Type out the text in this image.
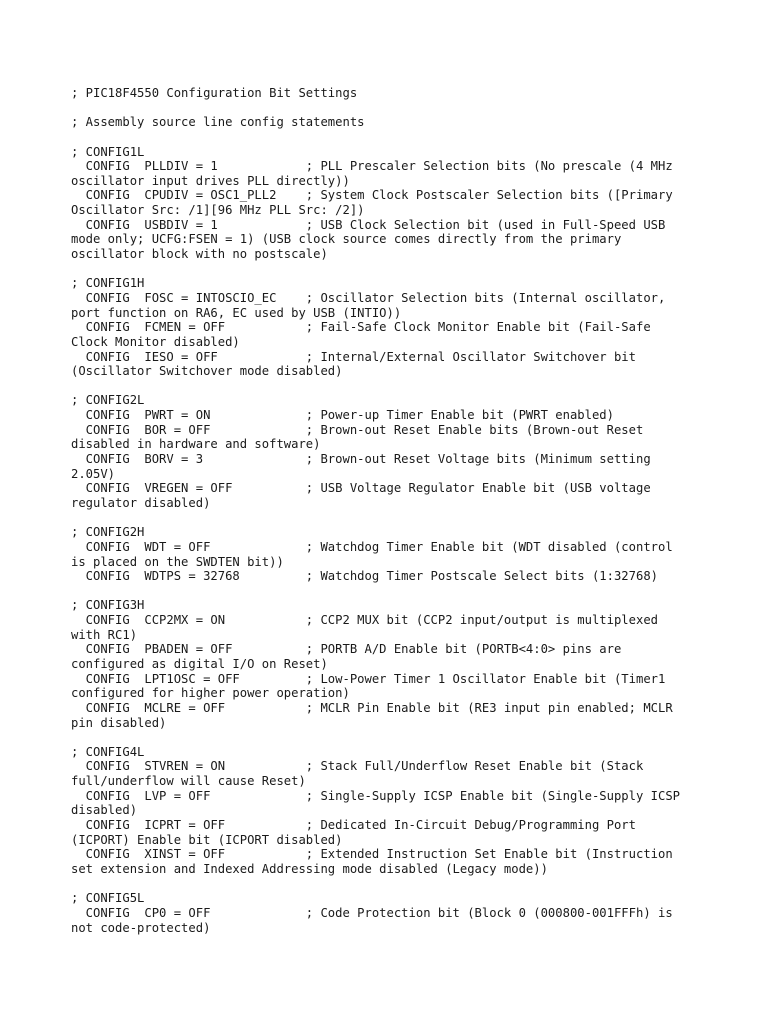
; PIC18F4550 Configuration Bit Settings
; Assembly source line config statements
; CONFIG1L
CONFIG  PLLDIV = 1            ; PLL Prescaler Selection bits (No prescale (4 MHz
oscillator input drives PLL directly))
CONFIG  CPUDIV = OSC1_PLL2    ; System Clock Postscaler Selection bits ([Primary
Oscillator Src: /1][96 MHz PLL Src: /2])
CONFIG  USBDIV = 1            ; USB Clock Selection bit (used in Full-Speed USB
mode only; UCFG:FSEN = 1) (USB clock source comes directly from the primary
oscillator block with no postscale)
; CONFIG1H
CONFIG  FOSC = INTOSCIO_EC    ; Oscillator Selection bits (Internal oscillator,
port function on RA6, EC used by USB (INTIO))
CONFIG  FCMEN = OFF           ; Fail-Safe Clock Monitor Enable bit (Fail-Safe
Clock Monitor disabled)
CONFIG  IESO = OFF            ; Internal/External Oscillator Switchover bit
(Oscillator Switchover mode disabled)
; CONFIG2L
CONFIG  PWRT = ON             ; Power-up Timer Enable bit (PWRT enabled)
CONFIG  BOR = OFF             ; Brown-out Reset Enable bits (Brown-out Reset
disabled in hardware and software)
CONFIG  BORV = 3              ; Brown-out Reset Voltage bits (Minimum setting
2.05V)
CONFIG  VREGEN = OFF          ; USB Voltage Regulator Enable bit (USB voltage
regulator disabled)
; CONFIG2H
CONFIG  WDT = OFF             ; Watchdog Timer Enable bit (WDT disabled (control
is placed on the SWDTEN bit))
CONFIG  WDTPS = 32768         ; Watchdog Timer Postscale Select bits (1:32768)
; CONFIG3H
CONFIG  CCP2MX = ON           ; CCP2 MUX bit (CCP2 input/output is multiplexed
with RC1)
CONFIG  PBADEN = OFF          ; PORTB A/D Enable bit (PORTB<4:0> pins are
configured as digital I/O on Reset)
CONFIG  LPT1OSC = OFF         ; Low-Power Timer 1 Oscillator Enable bit (Timer1
configured for higher power operation)
CONFIG  MCLRE = OFF           ; MCLR Pin Enable bit (RE3 input pin enabled; MCLR
pin disabled)
; CONFIG4L
CONFIG  STVREN = ON           ; Stack Full/Underflow Reset Enable bit (Stack
full/underflow will cause Reset)
CONFIG  LVP = OFF             ; Single-Supply ICSP Enable bit (Single-Supply ICSP
disabled)
CONFIG  ICPRT = OFF           ; Dedicated In-Circuit Debug/Programming Port
(ICPORT) Enable bit (ICPORT disabled)
CONFIG  XINST = OFF           ; Extended Instruction Set Enable bit (Instruction
set extension and Indexed Addressing mode disabled (Legacy mode))
; CONFIG5L
CONFIG  CP0 = OFF             ; Code Protection bit (Block 0 (000800-001FFFh) is
not code-protected)
